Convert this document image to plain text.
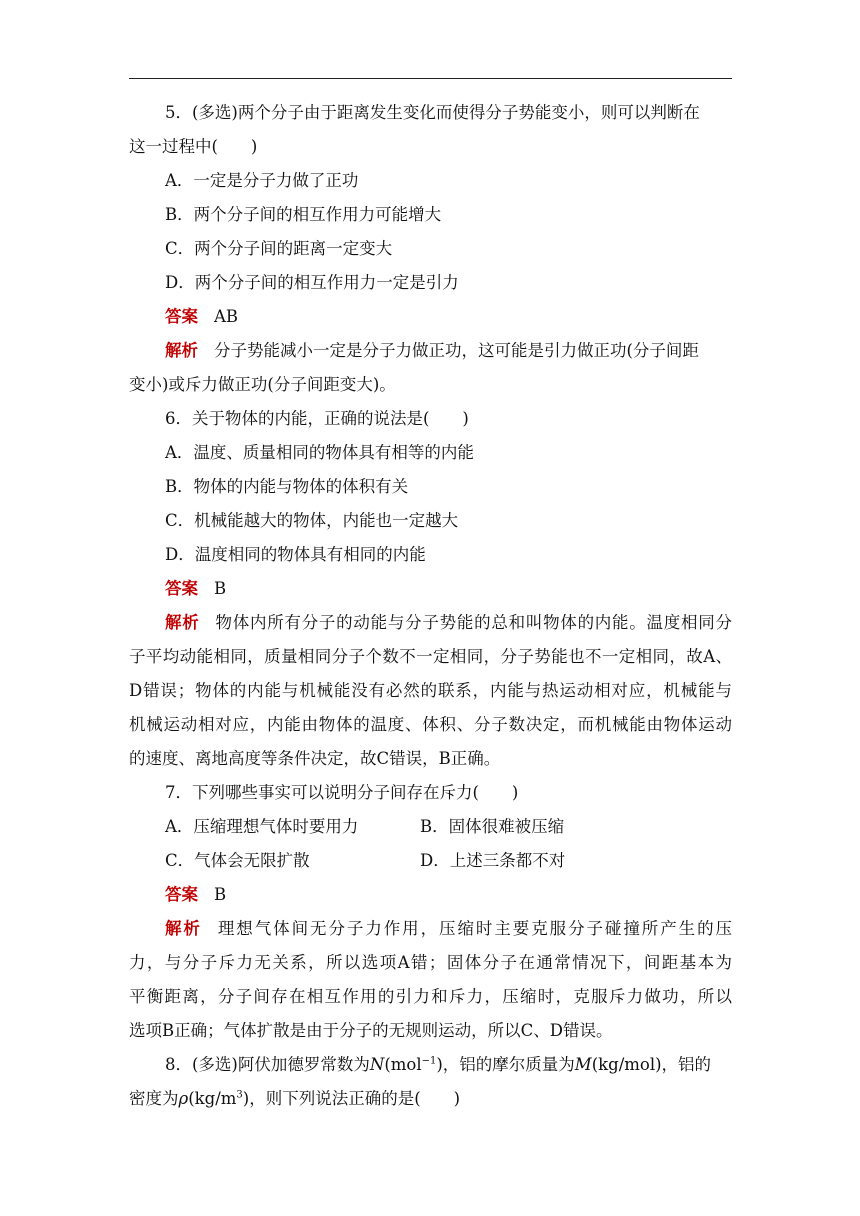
5．(多选)两个分子由于距离发生变化而使得分子势能变小，则可以判断在

这一过程中(　　)

A．一定是分子力做了正功

B．两个分子间的相互作用力可能增大

C．两个分子间的距离一定变大

D．两个分子间的相互作用力一定是引力

答案 AB

解析 分子势能减小一定是分子力做正功，这可能是引力做正功(分子间距

变小)或斥力做正功(分子间距变大)。

6．关于物体的内能，正确的说法是(　　)

A．温度、质量相同的物体具有相等的内能

B．物体的内能与物体的体积有关

C．机械能越大的物体，内能也一定越大

D．温度相同的物体具有相同的内能

答案 B

解析 物体内所有分子的动能与分子势能的总和叫物体的内能。温度相同分

子平均动能相同，质量相同分子个数不一定相同，分子势能也不一定相同，故A、

D错误；物体的内能与机械能没有必然的联系，内能与热运动相对应，机械能与

机械运动相对应，内能由物体的温度、体积、分子数决定，而机械能由物体运动

的速度、离地高度等条件决定，故C错误，B正确。

7．下列哪些事实可以说明分子间存在斥力(　　)

A．压缩理想气体时要用力	B．固体很难被压缩
C．气体会无限扩散	D．上述三条都不对

答案 B

解析 理想气体间无分子力作用，压缩时主要克服分子碰撞所产生的压

力，与分子斥力无关系，所以选项A错；固体分子在通常情况下，间距基本为

平衡距离，分子间存在相互作用的引力和斥力，压缩时，克服斥力做功，所以

选项B正确；气体扩散是由于分子的无规则运动，所以C、D错误。

8．(多选)阿伏加德罗常数为N(mol$^{-1}$)，铝的摩尔质量为M(kg/mol)，铝的

密度为$\rho(kg/m^3)$，则下列说法正确的是(　　)
